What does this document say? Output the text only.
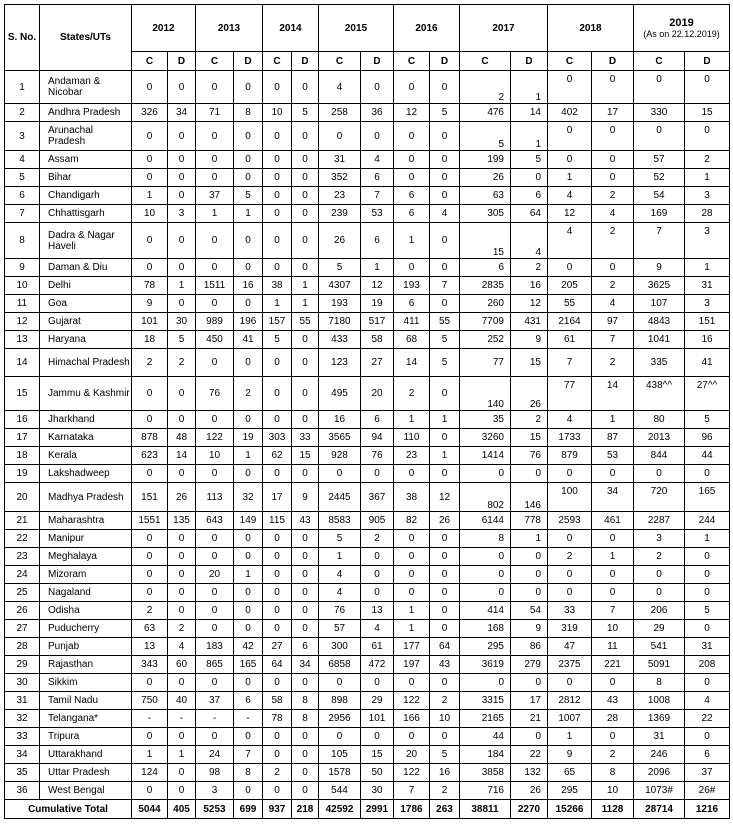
S. No.	States/UTs	2012		2013		2014		2015		2016		2017		2018		2019
(As on 22.12.2019)	

		C	D	C	D	C	D	C	D	C	D	C	D	C	D	C	D
1	Andaman & Nicobar	0	0	0	0	0	0	4	0	0	0	2	1	0	0	0	0
2	Andhra Pradesh	326	34	71	8	10	5	258	36	12	5	476	14	402	17	330	15
3	Arunachal Pradesh	0	0	0	0	0	0	0	0	0	0	5	1	0	0	0	0
4	Assam	0	0	0	0	0	0	31	4	0	0	199	5	0	0	57	2
5	Bihar	0	0	0	0	0	0	352	6	0	0	26	0	1	0	52	1
6	Chandigarh	1	0	37	5	0	0	23	7	6	0	63	6	4	2	54	3
7	Chhattisgarh	10	3	1	1	0	0	239	53	6	4	305	64	12	4	169	28
8	Dadra & Nagar Haveli	0	0	0	0	0	0	26	6	1	0	15	4	4	2	7	3
9	Daman & Diu	0	0	0	0	0	0	5	1	0	0	6	2	0	0	9	1
10	Delhi	78	1	1511	16	38	1	4307	12	193	7	2835	16	205	2	3625	31
11	Goa	9	0	0	0	1	1	193	19	6	0	260	12	55	4	107	3
12	Gujarat	101	30	989	196	157	55	7180	517	411	55	7709	431	2164	97	4843	151
13	Haryana	18	5	450	41	5	0	433	58	68	5	252	9	61	7	1041	16
14	Himachal Pradesh	2	2	0	0	0	0	123	27	14	5	77	15	7	2	335	41
15	Jammu & Kashmir	0	0	76	2	0	0	495	20	2	0	140	26	77	14	438^^	27^^
16	Jharkhand	0	0	0	0	0	0	16	6	1	1	35	2	4	1	80	5
17	Karnataka	878	48	122	19	303	33	3565	94	110	0	3260	15	1733	87	2013	96
18	Kerala	623	14	10	1	62	15	928	76	23	1	1414	76	879	53	844	44
19	Lakshadweep	0	0	0	0	0	0	0	0	0	0	0	0	0	0	0	0
20	Madhya Pradesh	151	26	113	32	17	9	2445	367	38	12	802	146	100	34	720	165
21	Maharashtra	1551	135	643	149	115	43	8583	905	82	26	6144	778	2593	461	2287	244
22	Manipur	0	0	0	0	0	0	5	2	0	0	8	1	0	0	3	1
23	Meghalaya	0	0	0	0	0	0	1	0	0	0	0	0	2	1	2	0
24	Mizoram	0	0	20	1	0	0	4	0	0	0	0	0	0	0	0	0
25	Nagaland	0	0	0	0	0	0	4	0	0	0	0	0	0	0	0	0
26	Odisha	2	0	0	0	0	0	76	13	1	0	414	54	33	7	206	5
27	Puducherry	63	2	0	0	0	0	57	4	1	0	168	9	319	10	29	0
28	Punjab	13	4	183	42	27	6	300	61	177	64	295	86	47	11	541	31
29	Rajasthan	343	60	865	165	64	34	6858	472	197	43	3619	279	2375	221	5091	208
30	Sikkim	0	0	0	0	0	0	0	0	0	0	0	0	0	0	8	0
31	Tamil Nadu	750	40	37	6	58	8	898	29	122	2	3315	17	2812	43	1008	4
32	Telangana*	-	-	-	-	78	8	2956	101	166	10	2165	21	1007	28	1369	22
33	Tripura	0	0	0	0	0	0	0	0	0	0	44	0	1	0	31	0
34	Uttarakhand	1	1	24	7	0	0	105	15	20	5	184	22	9	2	246	6
35	Uttar Pradesh	124	0	98	8	2	0	1578	50	122	16	3858	132	65	8	2096	37
36	West Bengal	0	0	3	0	0	0	544	30	7	2	716	26	295	10	1073#	26#
Cumulative Total		5044	405	5253	699	937	218	42592	2991	1786	263	38811	2270	15266	1128	28714	1216
